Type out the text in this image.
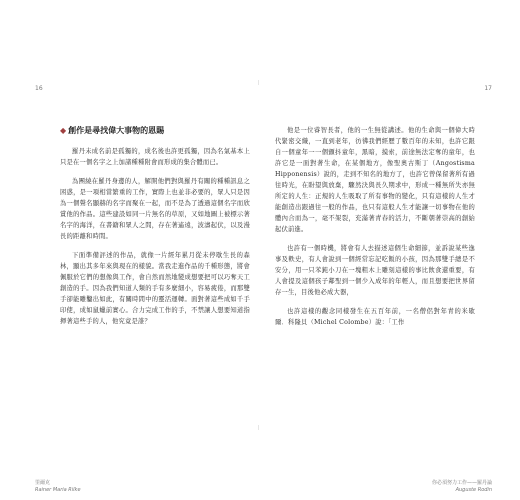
16
◆ 創作是尋找偉大事物的恩賜

羅丹未成名前是孤獨的，成名後也許更孤獨，因為名氣基本上只是在一個名字之上加諸種種附會而形成的集合體而已。

為團繞在羅丹身邊的人，解開他們對與羅丹有關的種種訊息之困惑，是一項相當繁重的工作，實際上也並非必要的，眾人只是因為一個聲名顯赫的名字而聚在一起，而不是為了透過這個名字而欣賞他的作品。這些建設如同一片無名的草原，又如地圖上被標示著名字的海洋，在書籍和眾人之間，存在著遙遠，波濤起伏，以及漫長的距離和時間。

下面準備評述的作品，就像一片經年累月從未停歇生長的森林，顯出其多年來與現在的樣貌。當我走進作品的千種形態，將會佩服於它們的想像與工作，會自然而然地變成想要把可以巧奪天工創造的手。因為我們知道人類的手有多麼細小，容易疲倦，而那雙手卻能雕鑿出如此，有關時間中的靈活運轉。面對著這些成如千手印使，成如鼠蠟前實心。合力完成工作的手，不禁讓人想要知道指揮著這些手的人，他究竟是誰？

里爾克
Rainer Maria Rilke
17

他是一位睿智長者，他的一生無從講述。他的生命與一個偉大時代緊密交織，一直到老年，彷彿我們經歷了數百年的未知，也許它跟自一個童年一一個顫抖童年，黑暗，摸索，前途無法定奪的童年，也許它是一面對著生命，在某個地方，像聖奧古斯丁（Angostisma Hipponensis）說的，走到不知名的地方了，也許它曾保留著所有過往時光，在盼望與放棄，驟然決與長久期求中，形成一種無所失亦無所定的人生：正規的人生吸取了所有事物的變化，只有這樣的人生才能創造出跟過往一般的作品，也只有這般人生才能讓一切事物在他的體內合而為一，毫不架裂，充滿著青春的活力，不斷朝著崇高的創始起伏前進。

也許有一個時機，將會有人去描述這個生命細節，並訴說某些逸事及軼史，有人會說到一個經常忘記吃飯的小孩，因為那雙手總是不安分，用一只苯鈍小刀在一塊粗木上雕刻這樣的事比飲食還重要，有人會提及這個孩子鄰聖到一個少入成年的年輕人，而且想要把世界留存一生，目後他必成大器，

也許這樣的觀念同樣發生在五百年前，一名僧侶對年青的米歇爾．科隆貝（Michel Colombe）說：「工作

你必須努力工作——羅丹論
Auguste Rodin
